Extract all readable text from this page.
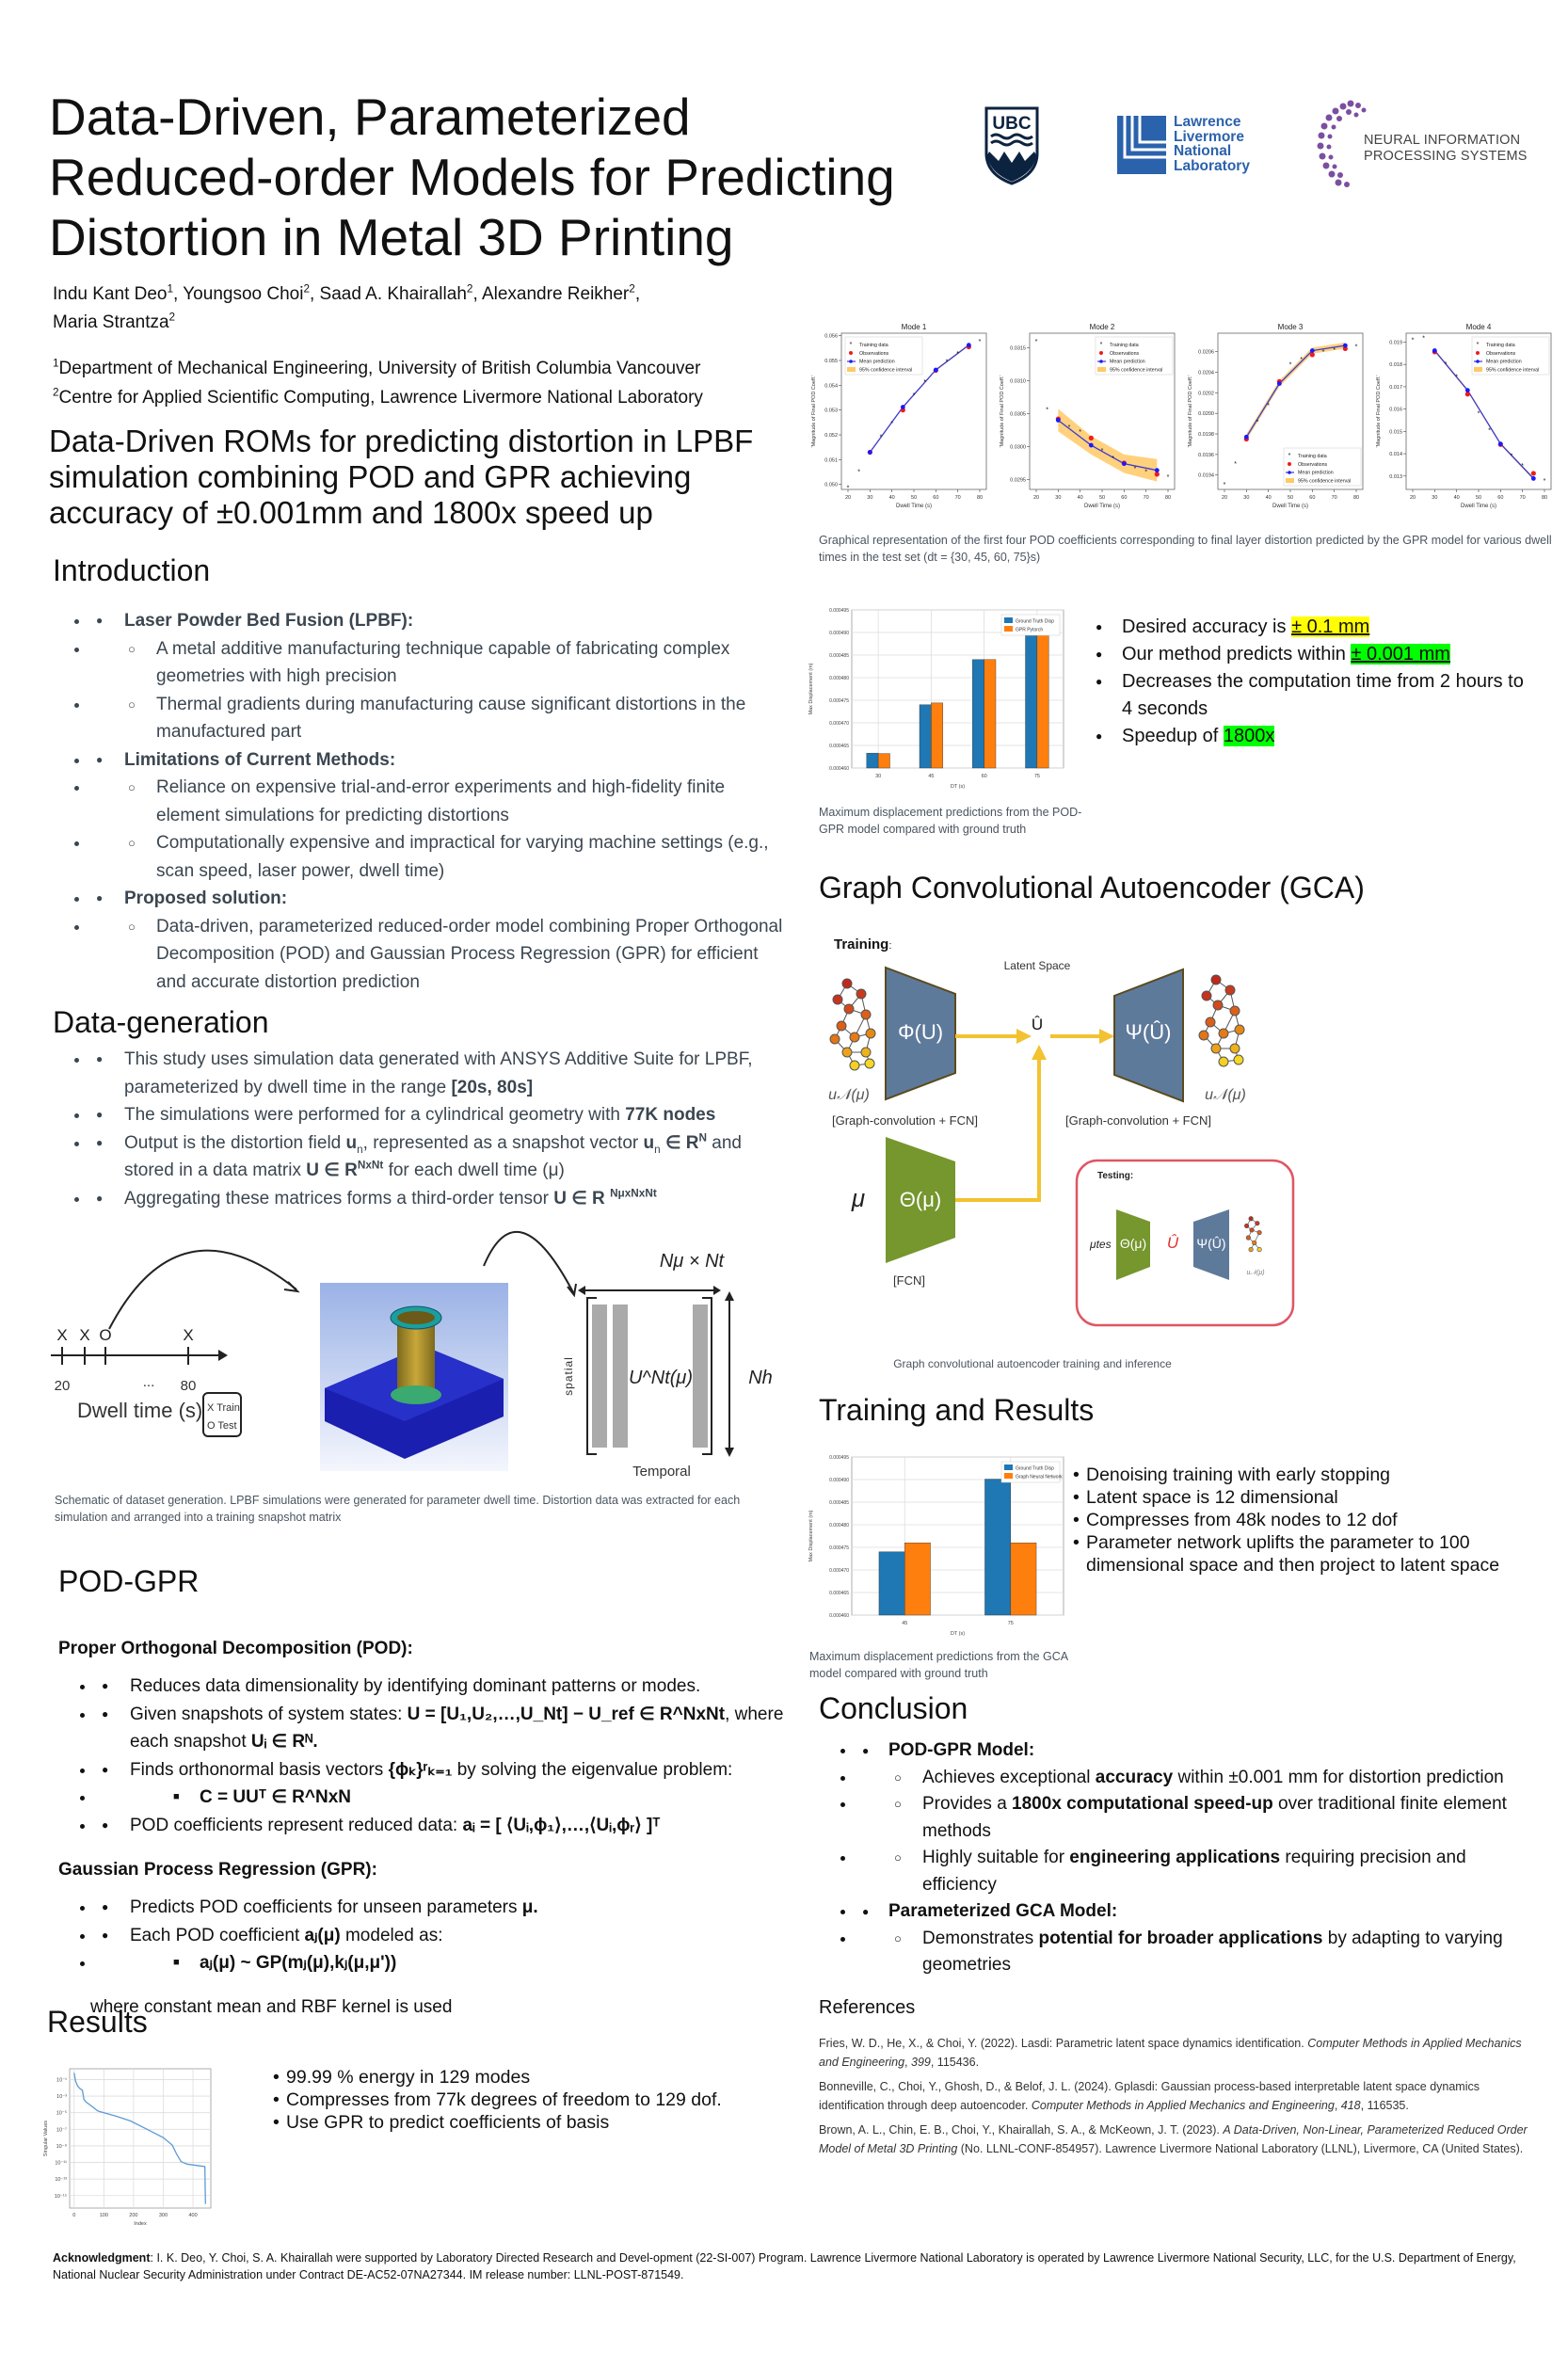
Data-Driven, Parameterized
Reduced-order Models for Predicting
Distortion in Metal 3D Printing
UBC	Lawrence
Livermore
National
Laboratory
NEURAL INFORMATION
PROCESSING SYSTEMS
Indu Kant Deo$^1$, Youngsoo Choi$^2$, Saad A. Khairallah$^2$, Alexandre Reikher$^2$,
Maria Strantza$^2$
$^1$Department of Mechanical Engineering, University of British Columbia Vancouver
$^2$Centre for Applied Scientific Computing, Lawrence Livermore National Laboratory
Data-Driven ROMs for predicting distortion in LPBF simulation combining POD and GPR achieving accuracy of ±0.001mm and 1800x speed up
Introduction
● • Laser Powder Bed Fusion (LPBF):
○ • A metal additive manufacturing technique capable of fabricating complex geometries with high precision
○ • Thermal gradients during manufacturing cause significant distortions in the manufactured part
● • Limitations of Current Methods:
○ • Reliance on expensive trial-and-error experiments and high-fidelity finite element simulations for predicting distortions
○ • Computationally expensive and impractical for varying machine settings (e.g., scan speed, laser power, dwell time)
● • Proposed solution:
○ • Data-driven, parameterized reduced-order model combining Proper Orthogonal Decomposition (POD) and Gaussian Process Regression (GPR) for efficient and accurate distortion prediction
Data-generation
● • This study uses simulation data generated with ANSYS Additive Suite for LPBF, parameterized by dwell time in the range [20s, 80s]
● • The simulations were performed for a cylindrical geometry with 77K nodes
● • Output is the distortion field $u_n$, represented as a snapshot vector $u_n$ ∈ $R^N$ and stored in a data matrix U ∈ $R^{NxNt}$ for each dwell time (μ)
● • Aggregating these matrices forms a third-order tensor U ∈ R $^{N\mu xNxNt}$
X X O	X
20	... 80
Dwell time (s) X Train
O Test
Nμ × Nt
U^Nt(μ)	Nh
spatial
Temporal
Schematic of dataset generation. LPBF simulations were generated for parameter dwell time. Distortion data was extracted for each simulation and arranged into a training snapshot matrix
POD-GPR
Proper Orthogonal Decomposition (POD):
● • Reduces data dimensionality by identifying dominant patterns or modes.
● • Given snapshots of system states: U = [U₁,U₂,…,U_Nt] − U_ref ∈ R^NxNt, where each snapshot Uᵢ ∈ Rᴺ.
● • Finds orthonormal basis vectors {ϕₖ}ʳₖ₌₁ by solving the eigenvalue problem:
■ • C = UUᵀ ∈ R^NxN
● • POD coefficients represent reduced data: aᵢ = [ ⟨Uᵢ,ϕ₁⟩,…,⟨Uᵢ,ϕᵣ⟩ ]ᵀ
Gaussian Process Regression (GPR):
● • Predicts POD coefficients for unseen parameters μ.
● • Each POD coefficient aⱼ(μ) modeled as:
■ • aⱼ(μ) ~ GP(mⱼ(μ),kⱼ(μ,μ'))
where constant mean and RBF kernel is used
Results
0	100	200	300	400
10⁻¹
10⁻³
10⁻⁵
10⁻⁷
10⁻⁹
10⁻¹¹
10⁻¹³
10⁻¹⁵
Index
Singular Values
• 99.99 % energy in 129 modes
• Compresses from 77k degrees of freedom to 129 dof.
• Use GPR to predict coefficients of basis
Acknowledgment: I. K. Deo, Y. Choi, S. A. Khairallah were supported by Laboratory Directed Research and Devel-opment (22-SI-007) Program. Lawrence Livermore National Laboratory is operated by Lawrence Livermore National Security, LLC, for the U.S. Department of Energy, National Nuclear Security Administration under Contract DE-AC52-07NA27344. IM release number: LLNL-POST-871549.
Mode 1
20	30	40	50	60	70	80
0.050
0.051
0.052
0.053
0.054
0.055
0.056
Dwell Time (s)
'Magnitude of Final POD Coeff.'
*
*
*
*
*
*
*
*
*
* Training data
Observations
Mean prediction
95% confidence interval
Mode 2
20	30	40	50	60	70	80
0.0295
0.0300
0.0305
0.0310
0.0315
Dwell Time (s)
'Magnitude of Final POD Coeff.'
*
*
*
*
*
*
*
*
*
* Training data
Observations
Mean prediction
95% confidence interval
Mode 3
20	30	40	50	60	70	80
0.0194
0.0196
0.0198
0.0200
0.0202
0.0204
0.0206
Dwell Time (s)
'Magnitude of Final POD Coeff.'
*
*
*
*
*
*
* *	*
* Training data
Observations
Mean prediction
95% confidence interval
Mode 4
20	30	40	50	60	70	80
0.013
0.014
0.015
0.016
0.017
0.018
0.019
Dwell Time (s)
'Magnitude of Final POD Coeff.'
* *
*
*
*
*
*
*
*
* Training data
Observations
Mean prediction
95% confidence interval
Graphical representation of the first four POD coefficients corresponding to final layer distortion predicted by the GPR model for various dwell times in the test set (dt = {30, 45, 60, 75}s)
0.000460
0.000465
0.000470
0.000475
0.000480
0.000485
0.000490
0.000495
30	45	60	75
DT (s)
Max Displacement (m)
Ground Truth Disp
GPR Pytorch	● Desired accuracy is ± 0.1 mm
● Our method predicts within ± 0.001 mm
● Decreases the computation time from 2 hours to 4 seconds
● Speedup of 1800x
Maximum displacement predictions from the POD-GPR model compared with ground truth
Graph Convolutional Autoencoder (GCA)
Training:
u𝒩(μ)
Φ(U)
[Graph-convolution + FCN]
Latent Space
Û	Ψ(Û)
[Graph-convolution + FCN]
u𝒩(μ)
μ Θ(μ)
[FCN]
Testing:
μtes Θ(μ) Û Ψ(Û)
u𝒩(μ)
Graph convolutional autoencoder training and inference
Training and Results
0.000460
0.000465
0.000470
0.000475
0.000480
0.000485
0.000490
0.000495
45	75
DT (s)
Max Displacement (m)
Ground Truth Disp
Graph Neural Network	• Denoising training with early stopping
• Latent space is 12 dimensional
• Compresses from 48k nodes to 12 dof
• Parameter network uplifts the parameter to 100 dimensional space and then project to latent space
Maximum displacement predictions from the GCA model compared with ground truth
Conclusion
● • POD-GPR Model:
○ • Achieves exceptional accuracy within ±0.001 mm for distortion prediction
○ • Provides a 1800x computational speed-up over traditional finite element methods
○ • Highly suitable for engineering applications requiring precision and efficiency
● • Parameterized GCA Model:
○ • Demonstrates potential for broader applications by adapting to varying geometries
References
Fries, W. D., He, X., & Choi, Y. (2022). Lasdi: Parametric latent space dynamics identification. Computer Methods in Applied Mechanics and Engineering, 399, 115436.
Bonneville, C., Choi, Y., Ghosh, D., & Belof, J. L. (2024). Gplasdi: Gaussian process-based interpretable latent space dynamics identification through deep autoencoder. Computer Methods in Applied Mechanics and Engineering, 418, 116535.
Brown, A. L., Chin, E. B., Choi, Y., Khairallah, S. A., & McKeown, J. T. (2023). A Data-Driven, Non-Linear, Parameterized Reduced Order Model of Metal 3D Printing (No. LLNL-CONF-854957). Lawrence Livermore National Laboratory (LLNL), Livermore, CA (United States).
